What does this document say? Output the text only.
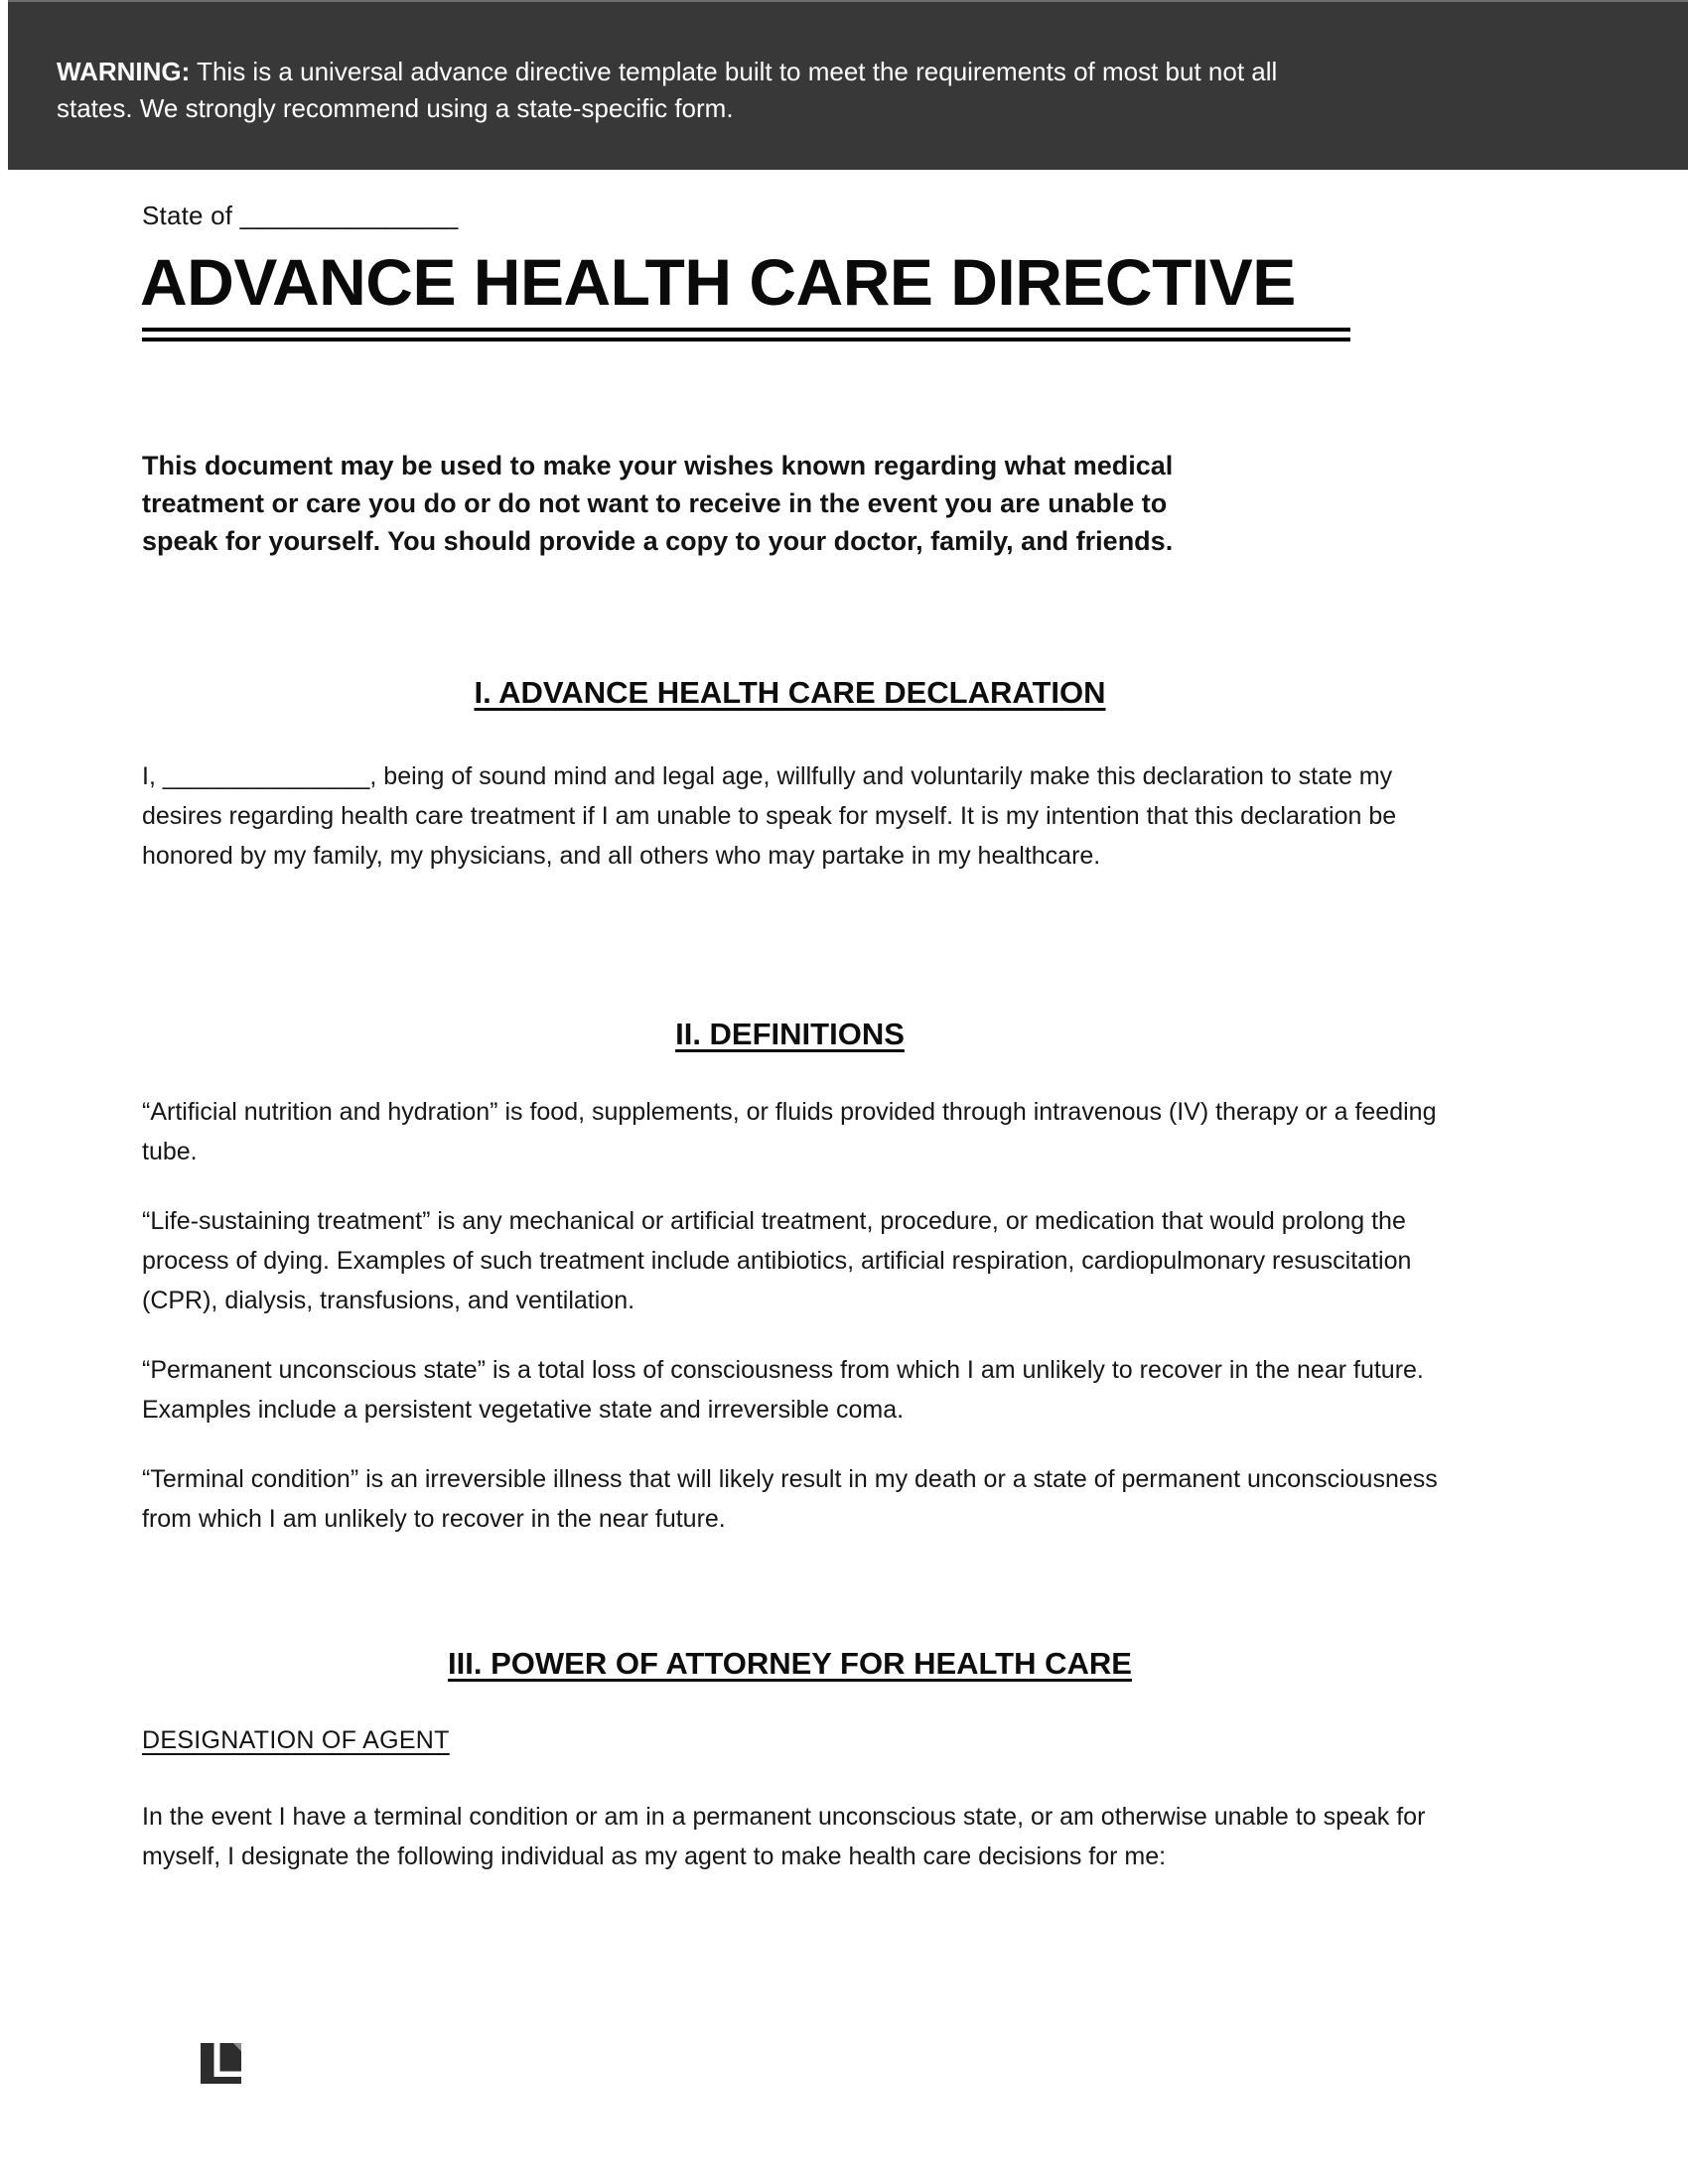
WARNING: This is a universal advance directive template built to meet the requirements of most but not all states. We strongly recommend using a state-specific form.

State of _______________
ADVANCE HEALTH CARE DIRECTIVE

This document may be used to make your wishes known regarding what medical treatment or care you do or do not want to receive in the event you are unable to speak for yourself. You should provide a copy to your doctor, family, and friends.

I. ADVANCE HEALTH CARE DECLARATION

I, _______________, being of sound mind and legal age, willfully and voluntarily make this declaration to state my desires regarding health care treatment if I am unable to speak for myself. It is my intention that this declaration be honored by my family, my physicians, and all others who may partake in my healthcare.

II. DEFINITIONS

“Artificial nutrition and hydration” is food, supplements, or fluids provided through intravenous (IV) therapy or a feeding tube.

“Life-sustaining treatment” is any mechanical or artificial treatment, procedure, or medication that would prolong the process of dying. Examples of such treatment include antibiotics, artificial respiration, cardiopulmonary resuscitation (CPR), dialysis, transfusions, and ventilation.

“Permanent unconscious state” is a total loss of consciousness from which I am unlikely to recover in the near future. Examples include a persistent vegetative state and irreversible coma.

“Terminal condition” is an irreversible illness that will likely result in my death or a state of permanent unconsciousness from which I am unlikely to recover in the near future.

III. POWER OF ATTORNEY FOR HEALTH CARE
DESIGNATION OF AGENT

In the event I have a terminal condition or am in a permanent unconscious state, or am otherwise unable to speak for myself, I designate the following individual as my agent to make health care decisions for me:
